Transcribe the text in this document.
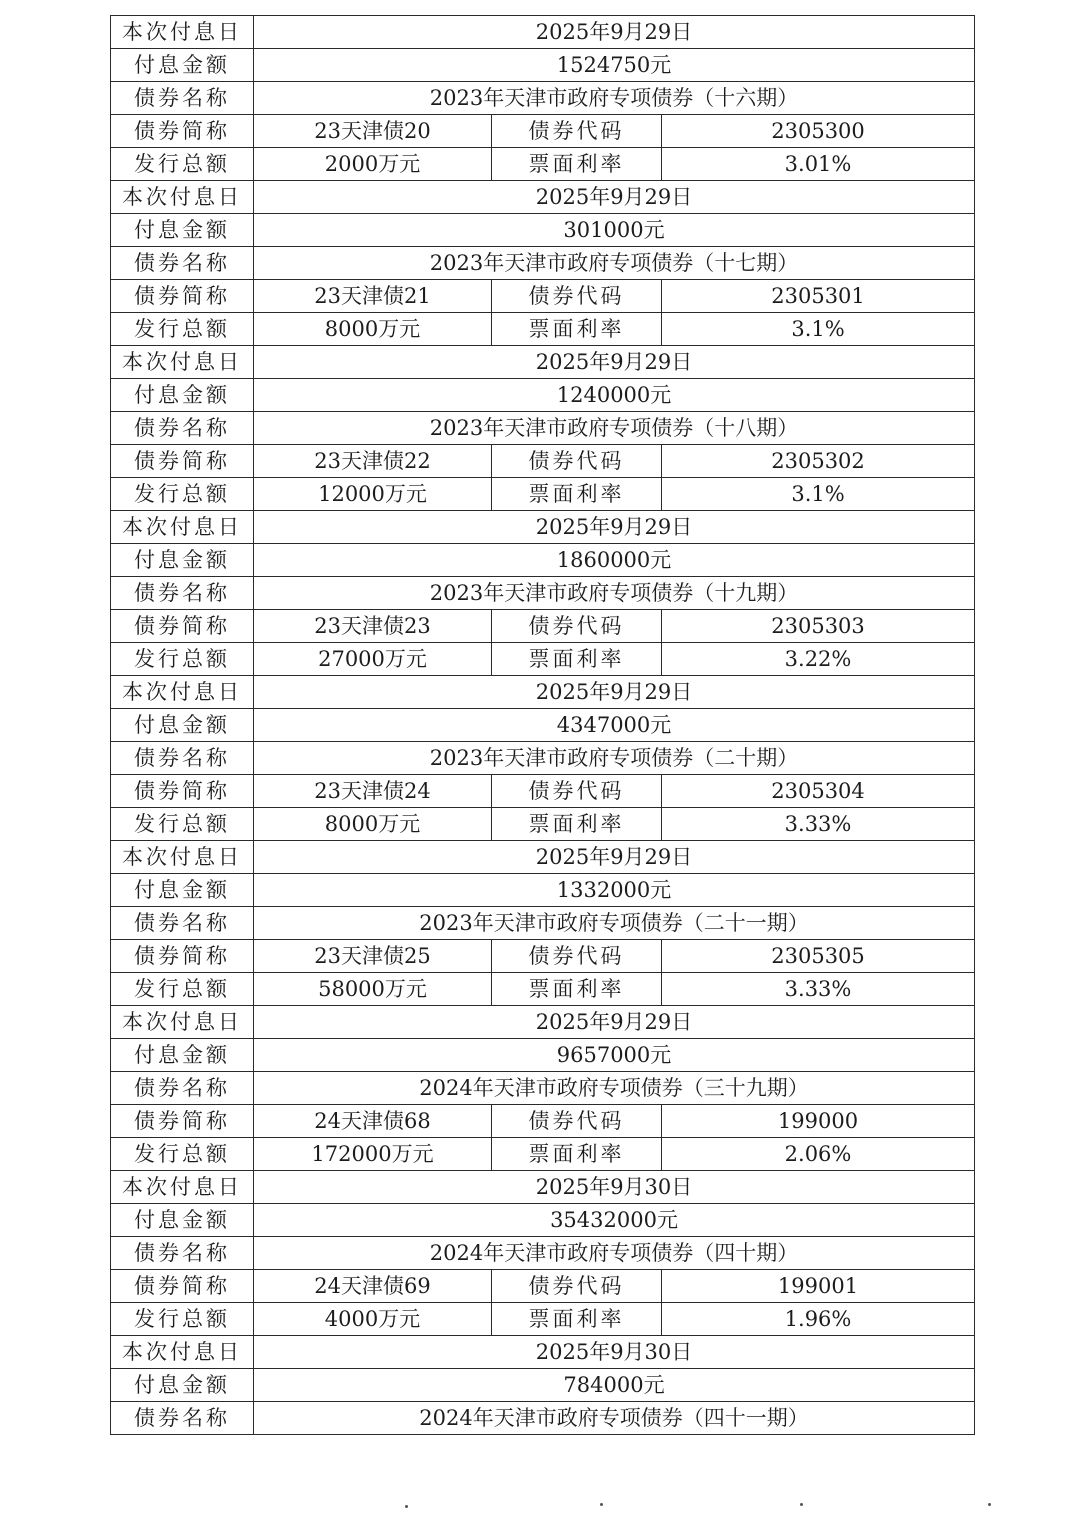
本次付息日	2025年9月29日		
付息金额	1524750元		
债券名称	2023年天津市政府专项债券（十六期）		
债券简称	23天津债20	债券代码	2305300
发行总额	2000万元	票面利率	3.01%
本次付息日	2025年9月29日		
付息金额	301000元		
债券名称	2023年天津市政府专项债券（十七期）		
债券简称	23天津债21	债券代码	2305301
发行总额	8000万元	票面利率	3.1%
本次付息日	2025年9月29日		
付息金额	1240000元		
债券名称	2023年天津市政府专项债券（十八期）		
债券简称	23天津债22	债券代码	2305302
发行总额	12000万元	票面利率	3.1%
本次付息日	2025年9月29日		
付息金额	1860000元		
债券名称	2023年天津市政府专项债券（十九期）		
债券简称	23天津债23	债券代码	2305303
发行总额	27000万元	票面利率	3.22%
本次付息日	2025年9月29日		
付息金额	4347000元		
债券名称	2023年天津市政府专项债券（二十期）		
债券简称	23天津债24	债券代码	2305304
发行总额	8000万元	票面利率	3.33%
本次付息日	2025年9月29日		
付息金额	1332000元		
债券名称	2023年天津市政府专项债券（二十一期）		
债券简称	23天津债25	债券代码	2305305
发行总额	58000万元	票面利率	3.33%
本次付息日	2025年9月29日		
付息金额	9657000元		
债券名称	2024年天津市政府专项债券（三十九期）		
债券简称	24天津债68	债券代码	199000
发行总额	172000万元	票面利率	2.06%
本次付息日	2025年9月30日		
付息金额	35432000元		
债券名称	2024年天津市政府专项债券（四十期）		
债券简称	24天津债69	债券代码	199001
发行总额	4000万元	票面利率	1.96%
本次付息日	2025年9月30日		
付息金额	784000元		
债券名称	2024年天津市政府专项债券（四十一期）		
